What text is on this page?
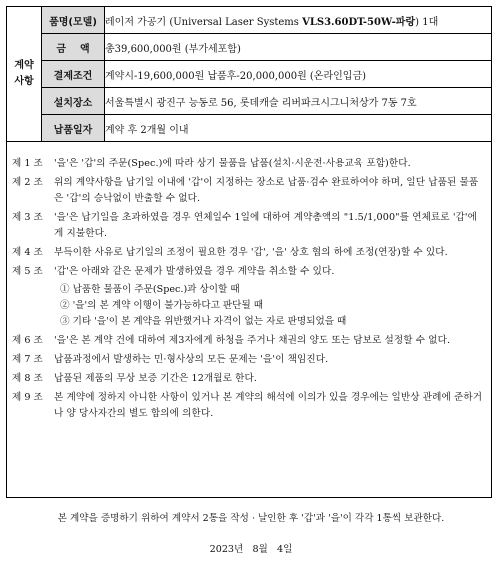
계약
사항	품명(모델)	레이저 가공기 (Universal Laser Systems VLS3.60DT-50W-파랑) 1대
	금    액	총39,600,000원 (부가세포함)
	결제조건	계약시-19,600,000원 납품후-20,000,000원 (온라인입금)
	설치장소	서울특별시 광진구 능동로 56, 롯데캐슬 리버파크시그니처상가 7동 7호
	납품일자	계약 후 2개월 이내
제 1 조	'을'은 '갑'의 주문(Spec.)에 따라 상기 물품을 납품(설치·시운전·사용교육 포함)한다.
제 2 조	위의 계약사항을 납기일 이내에 '갑'이 지정하는 장소로 납품·검수 완료하여야 하며, 일단 납품된 물품은 '갑'의 승낙없이 반출할 수 없다.
제 3 조	'을'은 납기일을 초과하였을 경우 연체일수 1일에 대하여 계약총액의 "1.5/1,000"를 연체료로 '갑'에게 지불한다.
제 4 조	부득이한 사유로 납기일의 조정이 필요한 경우 '갑', '을' 상호 협의 하에 조정(연장)할 수 있다.
제 5 조	'갑'은 아래와 같은 문제가 발생하였을 경우 계약을 취소할 수 있다.
① 납품한 물품이 주문(Spec.)과 상이할 때
② '을'의 본 계약 이행이 불가능하다고 판단될 때
③ 기타 '을'이 본 계약을 위반했거나 자격이 없는 자로 판명되었을 때
제 6 조	'을'은 본 계약 건에 대하여 제3자에게 하청을 주거나 채권의 양도 또는 담보로 설정할 수 없다.
제 7 조	납품과정에서 발생하는 민·형사상의 모든 문제는 '을'이 책임진다.
제 8 조	납품된 제품의 무상 보증 기간은 12개월로 한다.
제 9 조	본 계약에 정하지 아니한 사항이 있거나 본 계약의 해석에 이의가 있을 경우에는 일반상 관례에 준하거나 양 당사자간의 별도 합의에 의한다.
본 계약을 증명하기 위하여 계약서 2통을 작성 · 날인한 후 '갑'과 '을'이 각각 1통씩 보관한다.
2023년   8월   4일
